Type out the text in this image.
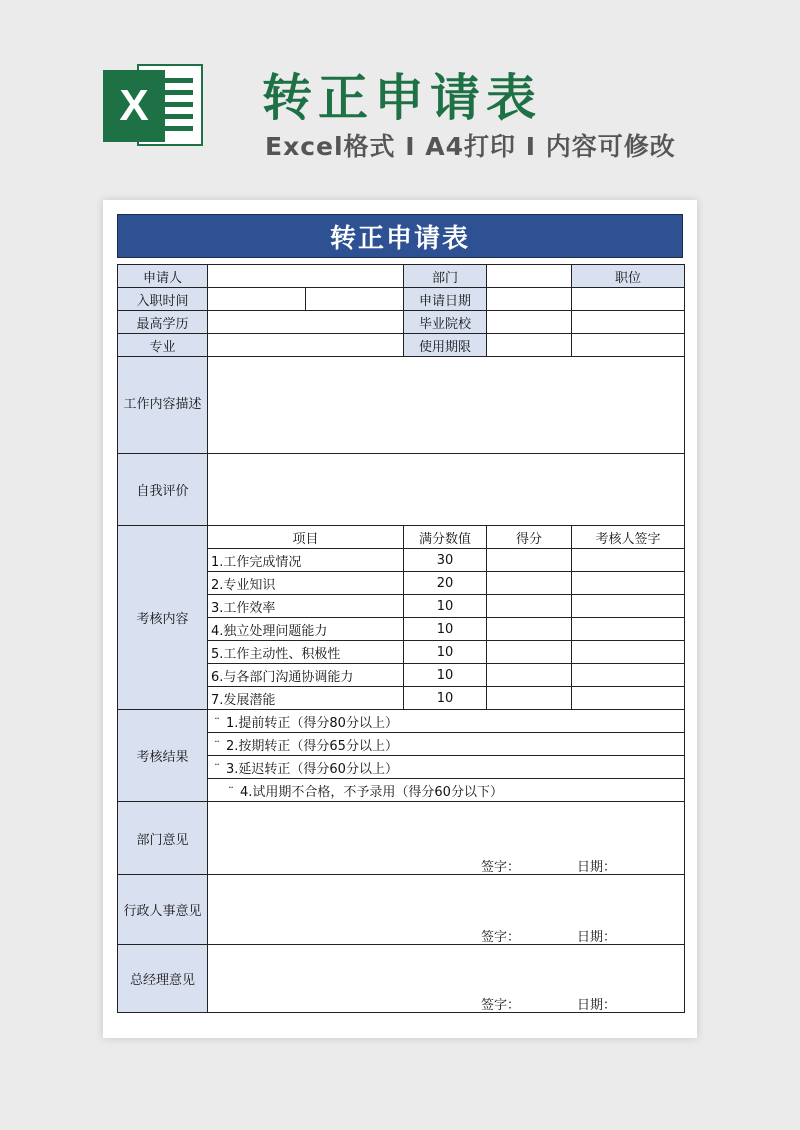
X	转正申请表
Excel格式 I A4打印 I 内容可修改
转正申请表
申请人			部门		职位
入职时间			申请日期		
最高学历			毕业院校		
专业			使用期限		
工作内容描述					
自我评价					
考核内容	项目		满分数值	得分	考核人签字
	1.工作完成情况		30		
	2.专业知识		20		
	3.工作效率		10		
	4.独立处理问题能力		10		
	5.工作主动性、积极性		10		
	6.与各部门沟通协调能力		10		
	7.发展潜能		10		
考核结果	¨ 1.提前转正（得分80分以上）				
	¨ 2.按期转正（得分65分以上）				
	¨ 3.延迟转正（得分60分以上）				
	¨ 4.试用期不合格，不予录用（得分60分以下）				
部门意见	签字： 日期：				

行政人事意见	签字： 日期：				

总经理意见	签字： 日期：				
